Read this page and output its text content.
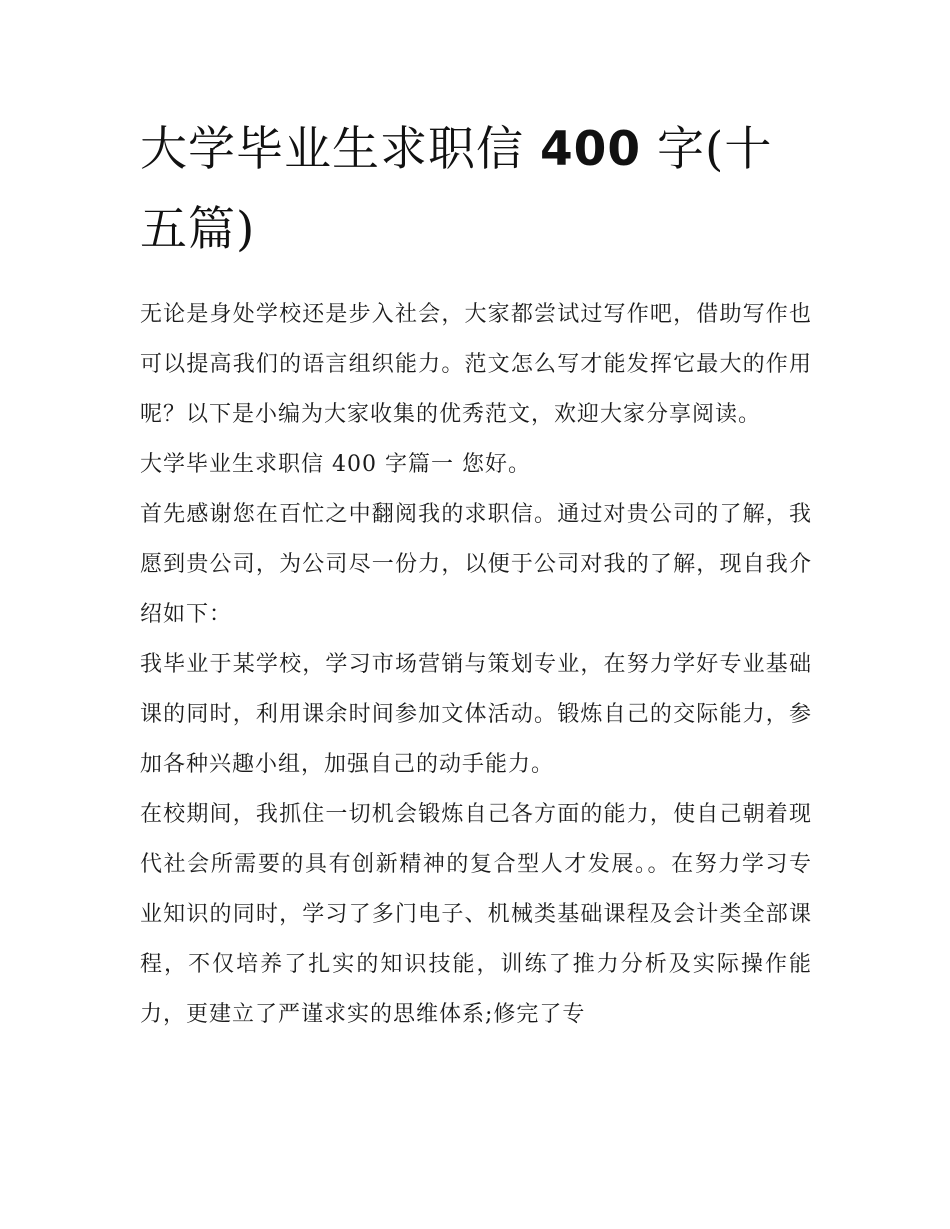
大学毕业生求职信 400 字(十五篇)

无论是身处学校还是步入社会，大家都尝试过写作吧，借助写作也可以提高我们的语言组织能力。范文怎么写才能发挥它最大的作用呢？以下是小编为大家收集的优秀范文，欢迎大家分享阅读。

大学毕业生求职信 400 字篇一 您好。

首先感谢您在百忙之中翻阅我的求职信。通过对贵公司的了解，我愿到贵公司，为公司尽一份力，以便于公司对我的了解，现自我介绍如下：

我毕业于某学校，学习市场营销与策划专业，在努力学好专业基础课的同时，利用课余时间参加文体活动。锻炼自己的交际能力，参加各种兴趣小组，加强自己的动手能力。

在校期间，我抓住一切机会锻炼自己各方面的能力，使自己朝着现代社会所需要的具有创新精神的复合型人才发展。。在努力学习专业知识的同时，学习了多门电子、机械类基础课程及会计类全部课程，不仅培养了扎实的知识技能，训练了推力分析及实际操作能力，更建立了严谨求实的思维体系;修完了专
